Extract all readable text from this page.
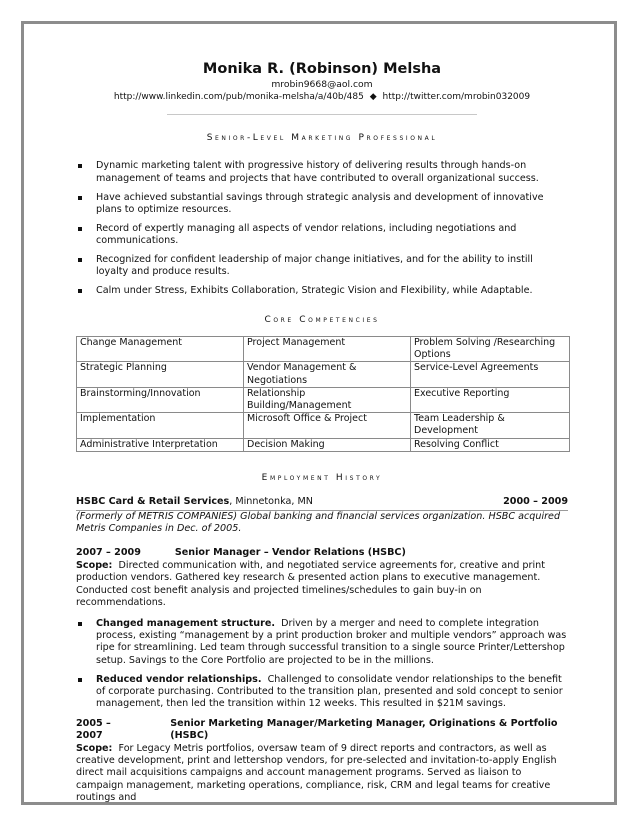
Monika R. (Robinson) Melsha
mrobin9668@aol.com
http://www.linkedin.com/pub/monika-melsha/a/40b/485 ◆ http://twitter.com/mrobin032009
Senior-Level Marketing Professional
Dynamic marketing talent with progressive history of delivering results through hands-on management of teams and projects that have contributed to overall organizational success.
Have achieved substantial savings through strategic analysis and development of innovative plans to optimize resources.
Record of expertly managing all aspects of vendor relations, including negotiations and communications.
Recognized for confident leadership of major change initiatives, and for the ability to instill loyalty and produce results.
Calm under Stress, Exhibits Collaboration, Strategic Vision and Flexibility, while Adaptable.
Core Competencies
Change Management	Project Management	Problem Solving /Researching Options
Strategic Planning	Vendor Management & Negotiations	Service-Level Agreements
Brainstorming/Innovation	Relationship Building/Management	Executive Reporting
Implementation	Microsoft Office & Project	Team Leadership & Development
Administrative Interpretation	Decision Making	Resolving Conflict
Employment History
HSBC Card & Retail Services, Minnetonka, MN	2000 – 2009

(Formerly of METRIS COMPANIES) Global banking and financial services organization. HSBC acquired Metris Companies in Dec. of 2005.

2007 – 2009	Senior Manager – Vendor Relations (HSBC)

Scope: Directed communication with, and negotiated service agreements for, creative and print production vendors. Gathered key research & presented action plans to executive management. Conducted cost benefit analysis and projected timelines/schedules to gain buy-in on recommendations.

Changed management structure. Driven by a merger and need to complete integration process, existing “management by a print production broker and multiple vendors” approach was ripe for streamlining. Led team through successful transition to a single source Printer/Lettershop setup. Savings to the Core Portfolio are projected to be in the millions.
Reduced vendor relationships. Challenged to consolidate vendor relationships to the benefit of corporate purchasing. Contributed to the transition plan, presented and sold concept to senior management, then led the transition within 12 weeks. This resulted in $21M savings.
2005 – 2007
Senior Marketing Manager/Marketing Manager, Originations & Portfolio (HSBC)

Scope: For Legacy Metris portfolios, oversaw team of 9 direct reports and contractors, as well as creative development, print and lettershop vendors, for pre-selected and invitation-to-apply English direct mail acquisitions campaigns and account management programs. Served as liaison to campaign management, marketing operations, compliance, risk, CRM and legal teams for creative routings and
